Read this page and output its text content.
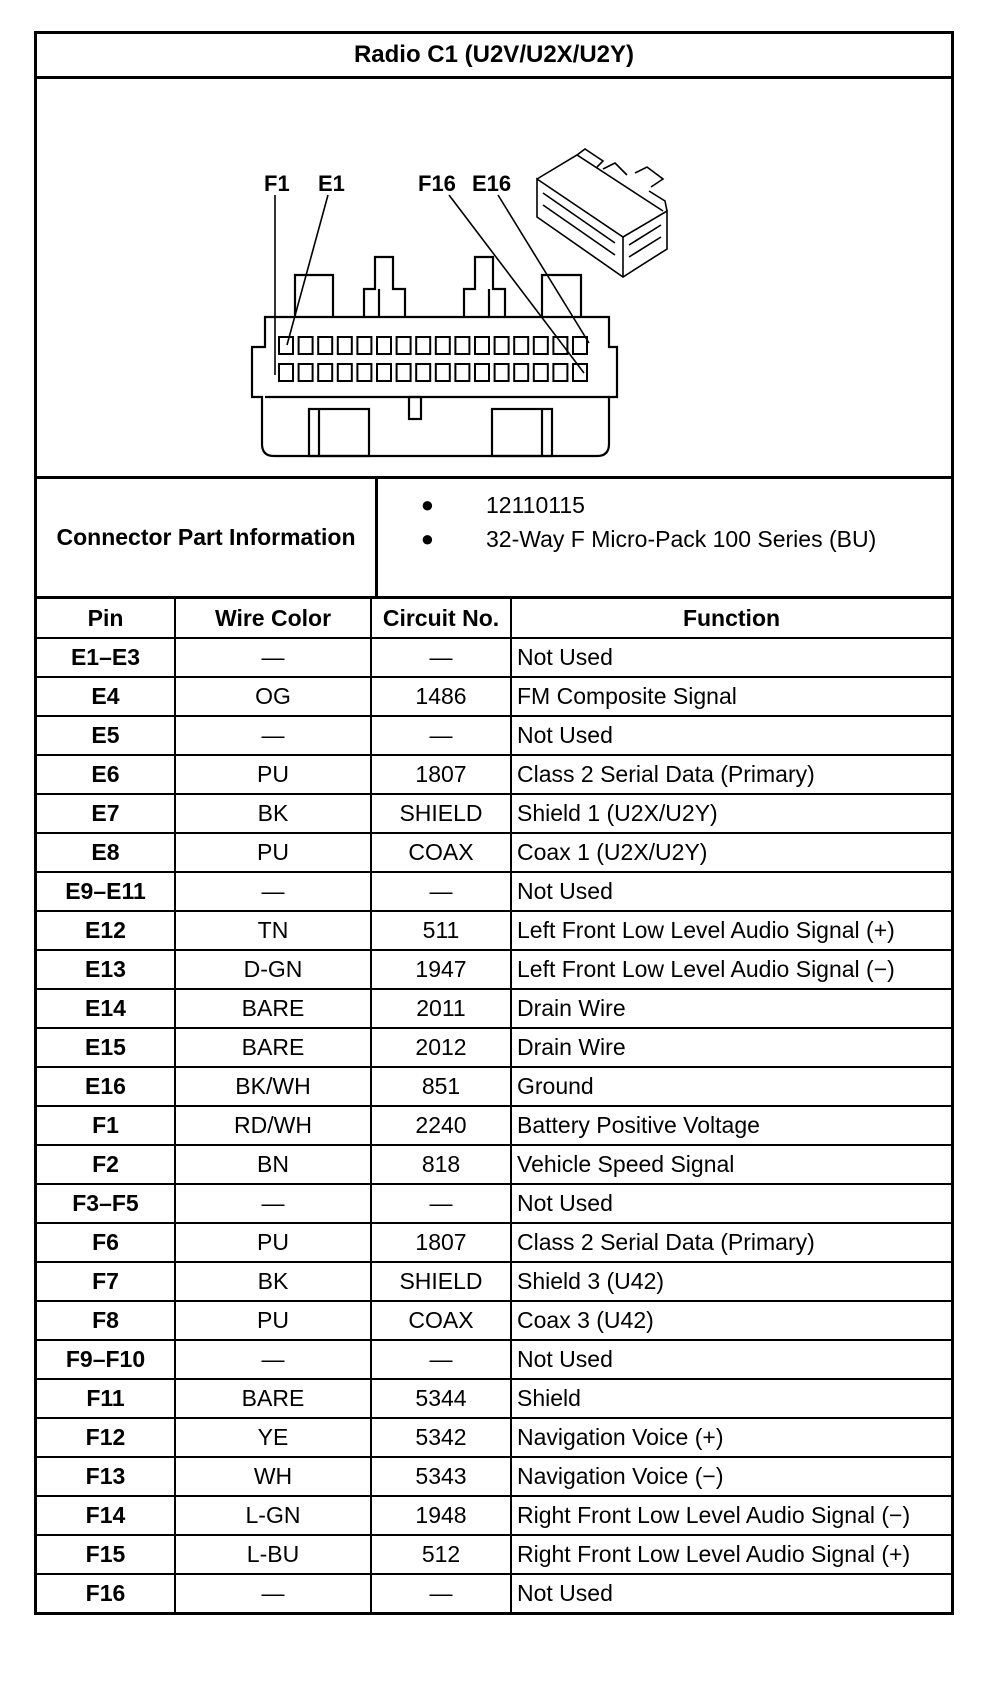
Radio C1 (U2V/U2X/U2Y)
F1 E1	F16 E16
Connector Part Information
●	12110115
●	32-Way F Micro-Pack 100 Series (BU)
Pin	Wire Color	Circuit No.	Function
E1–E3	—	—	Not Used
E4	OG	1486	FM Composite Signal
E5	—	—	Not Used
E6	PU	1807	Class 2 Serial Data (Primary)
E7	BK	SHIELD	Shield 1 (U2X/U2Y)
E8	PU	COAX	Coax 1 (U2X/U2Y)
E9–E11	—	—	Not Used
E12	TN	511	Left Front Low Level Audio Signal (+)
E13	D-GN	1947	Left Front Low Level Audio Signal (−)
E14	BARE	2011	Drain Wire
E15	BARE	2012	Drain Wire
E16	BK/WH	851	Ground
F1	RD/WH	2240	Battery Positive Voltage
F2	BN	818	Vehicle Speed Signal
F3–F5	—	—	Not Used
F6	PU	1807	Class 2 Serial Data (Primary)
F7	BK	SHIELD	Shield 3 (U42)
F8	PU	COAX	Coax 3 (U42)
F9–F10	—	—	Not Used
F11	BARE	5344	Shield
F12	YE	5342	Navigation Voice (+)
F13	WH	5343	Navigation Voice (−)
F14	L-GN	1948	Right Front Low Level Audio Signal (−)
F15	L-BU	512	Right Front Low Level Audio Signal (+)
F16	—	—	Not Used
